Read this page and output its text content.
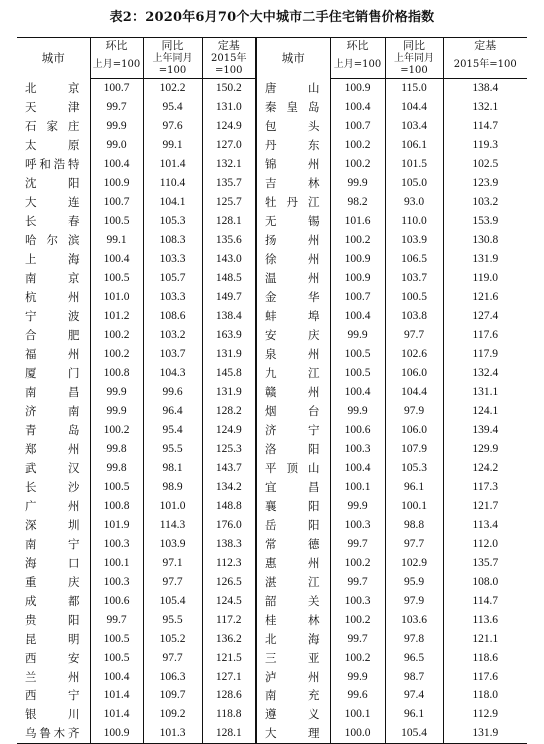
表2：2020年6月70个大中城市二手住宅销售价格指数
城市	环比	同比	定基	城市	环比	同比	定基
	上月=100	上年同月=100	2015年=100		上月=100	上年同月=100	2015年=100
北　京	100.7	102.2	150.2	唐　山	100.9	115.0	138.4
天　津	99.7	95.4	131.0	秦皇岛	100.4	104.4	132.1
石家庄	99.9	97.6	124.9	包　头	100.7	103.4	114.7
太　原	99.0	99.1	127.0	丹　东	100.2	106.1	119.3
呼和浩特	100.4	101.4	132.1	锦　州	100.2	101.5	102.5
沈　阳	100.9	110.4	135.7	吉　林	99.9	105.0	123.9
大　连	100.7	104.1	125.7	牡丹江	98.2	93.0	103.2
长　春	100.5	105.3	128.1	无　锡	101.6	110.0	153.9
哈尔滨	99.1	108.3	135.6	扬　州	100.2	103.9	130.8
上　海	100.4	103.3	143.0	徐　州	100.9	106.5	131.9
南　京	100.5	105.7	148.5	温　州	100.9	103.7	119.0
杭　州	101.0	103.3	149.7	金　华	100.7	100.5	121.6
宁　波	101.2	108.6	138.4	蚌　埠	100.4	103.8	127.4
合　肥	100.2	103.2	163.9	安　庆	99.9	97.7	117.6
福　州	100.2	103.7	131.9	泉　州	100.5	102.6	117.9
厦　门	100.8	104.3	145.8	九　江	100.5	106.0	132.4
南　昌	99.9	99.6	131.9	赣　州	100.4	104.4	131.1
济　南	99.9	96.4	128.2	烟　台	99.9	97.9	124.1
青　岛	100.2	95.4	124.9	济　宁	100.6	106.0	139.4
郑　州	99.8	95.5	125.3	洛　阳	100.3	107.9	129.9
武　汉	99.8	98.1	143.7	平顶山	100.4	105.3	124.2
长　沙	100.5	98.9	134.2	宜　昌	100.1	96.1	117.3
广　州	100.8	101.0	148.8	襄　阳	99.9	100.1	121.7
深　圳	101.9	114.3	176.0	岳　阳	100.3	98.8	113.4
南　宁	100.3	103.9	138.3	常　德	99.7	97.7	112.0
海　口	100.1	97.1	112.3	惠　州	100.2	102.9	135.7
重　庆	100.3	97.7	126.5	湛　江	99.7	95.9	108.0
成　都	100.6	105.4	124.5	韶　关	100.3	97.9	114.7
贵　阳	99.7	95.5	117.2	桂　林	100.2	103.6	113.6
昆　明	100.5	105.2	136.2	北　海	99.7	97.8	121.1
西　安	100.5	97.7	121.5	三　亚	100.2	96.5	118.6
兰　州	100.4	106.3	127.1	泸　州	99.9	98.7	117.6
西　宁	101.4	109.7	128.6	南　充	99.6	97.4	118.0
银　川	101.4	109.2	118.8	遵　义	100.1	96.1	112.9
乌鲁木齐	100.9	101.3	128.1	大　理	100.0	105.4	131.9
